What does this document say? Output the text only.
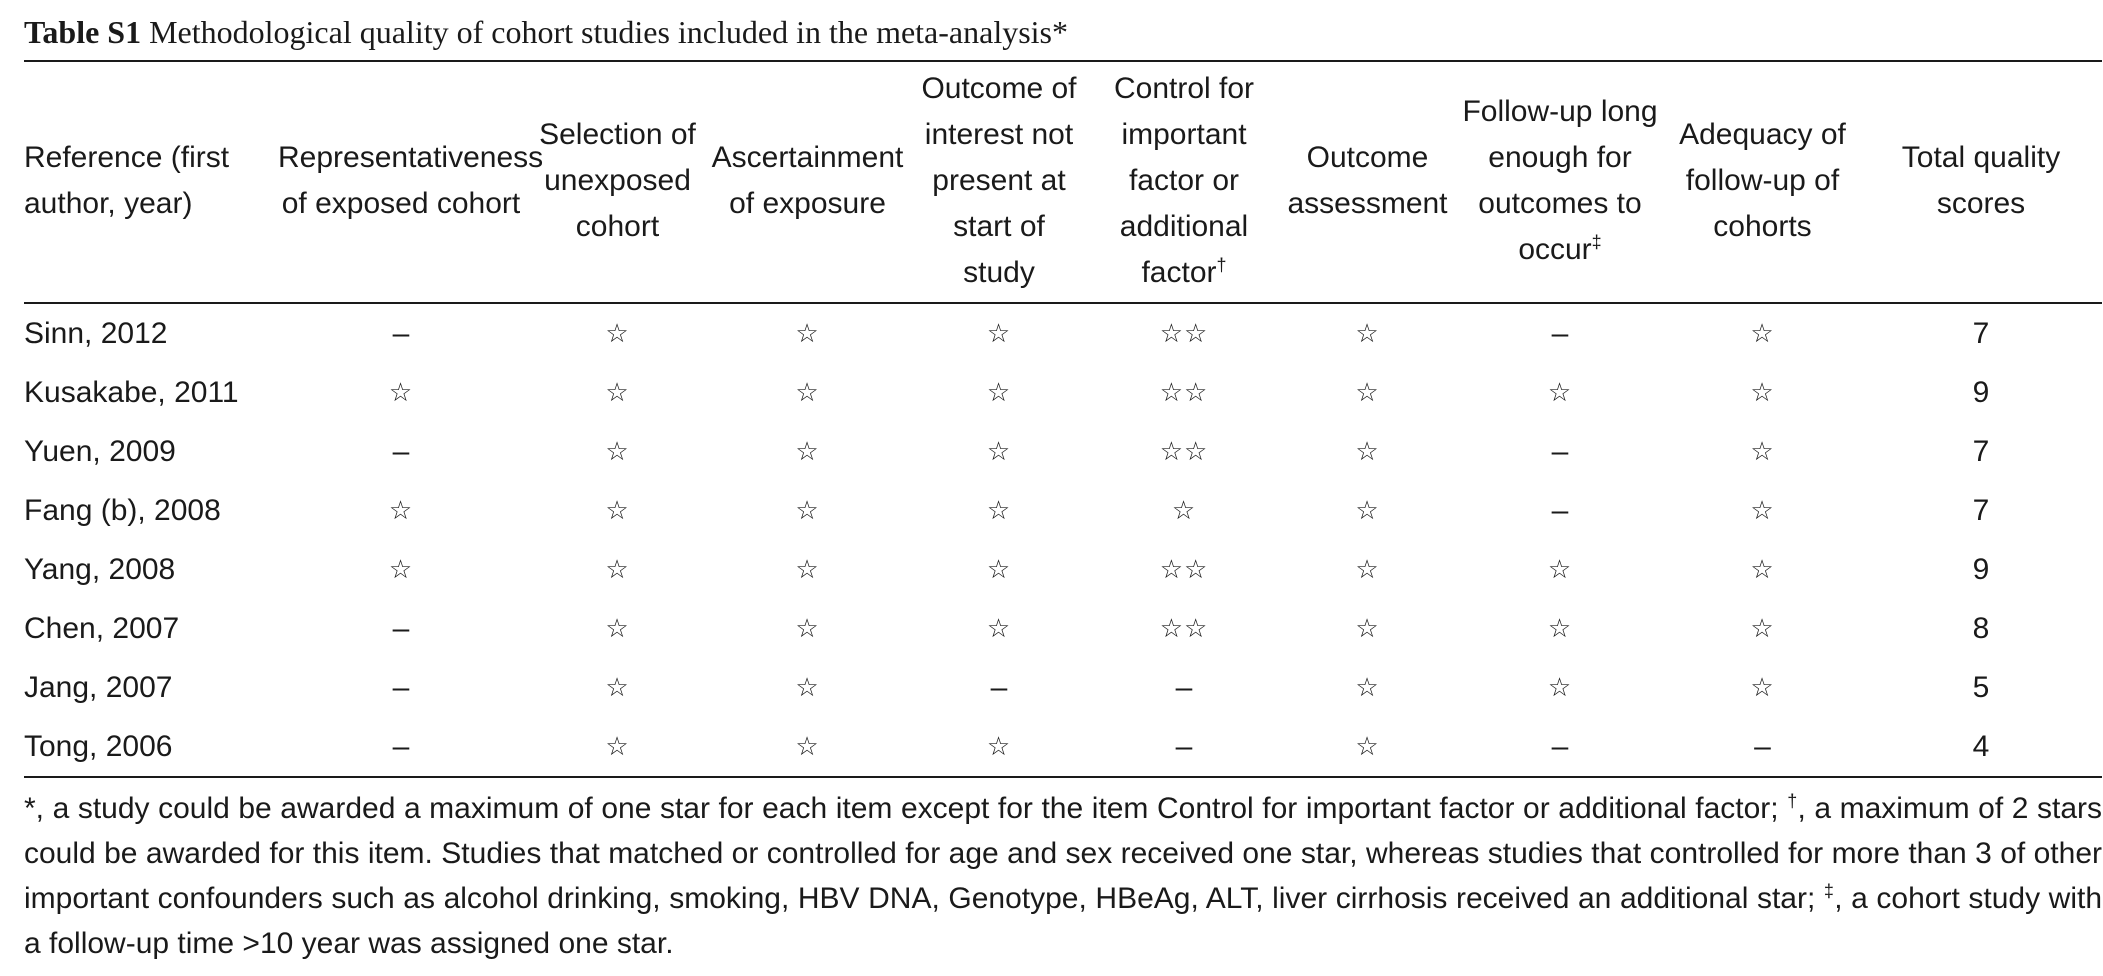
Table S1 Methodological quality of cohort studies included in the meta-analysis*
Reference (first author, year)	Representativeness of exposed cohort	Selection of unexposed cohort	Ascertainment of exposure	Outcome of interest not present at start of study	Control for important factor or additional factor†	Outcome assessment	Follow-up long enough for outcomes to occur‡	Adequacy of follow-up of cohorts	Total quality scores
Sinn, 2012	–	☆	☆	☆	☆☆	☆	–	☆	7
Kusakabe, 2011	☆	☆	☆	☆	☆☆	☆	☆	☆	9
Yuen, 2009	–	☆	☆	☆	☆☆	☆	–	☆	7
Fang (b), 2008	☆	☆	☆	☆	☆	☆	–	☆	7
Yang, 2008	☆	☆	☆	☆	☆☆	☆	☆	☆	9
Chen, 2007	–	☆	☆	☆	☆☆	☆	☆	☆	8
Jang, 2007	–	☆	☆	–	–	☆	☆	☆	5
Tong, 2006	–	☆	☆	☆	–	☆	–	–	4
*, a study could be awarded a maximum of one star for each item except for the item Control for important factor or additional factor; †, a maximum of 2 stars could be awarded for this item. Studies that matched or controlled for age and sex received one star, whereas studies that controlled for more than 3 of other important confounders such as alcohol drinking, smoking, HBV DNA, Genotype, HBeAg, ALT, liver cirrhosis received an additional star; ‡, a cohort study with a follow-up time >10 year was assigned one star.
